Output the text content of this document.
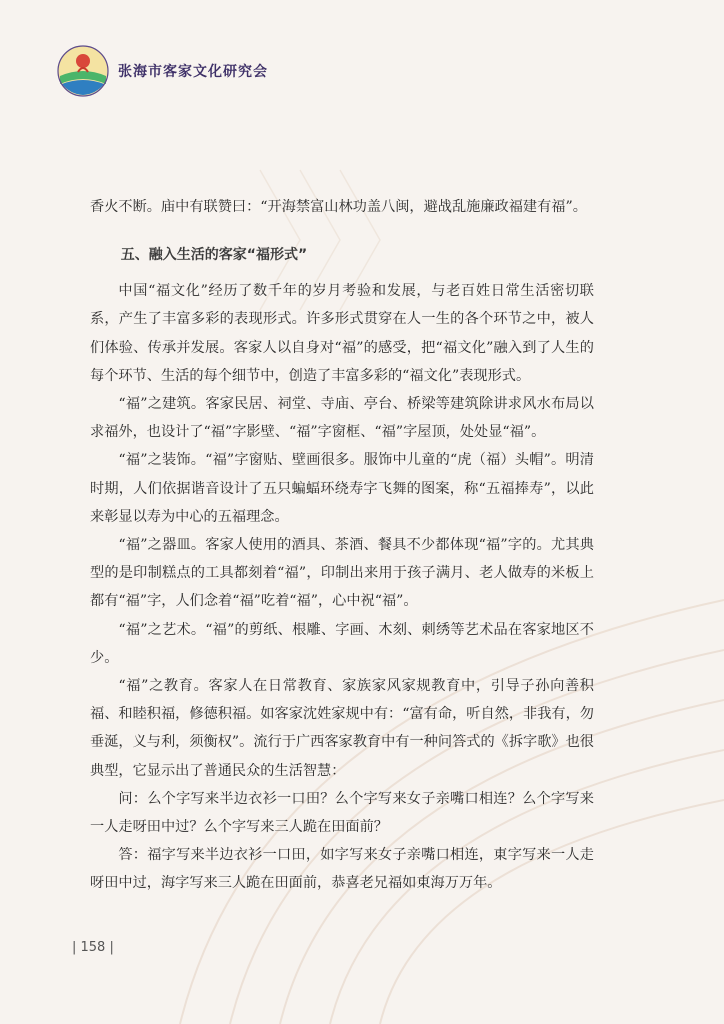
张海市客家文化研究会

香火不断。庙中有联赞曰：“开海禁富山林功盖八闽，避战乱施廉政福建有福”。

五、融入生活的客家“福形式”

中国“福文化”经历了数千年的岁月考验和发展，与老百姓日常生活密切联系，产生了丰富多彩的表现形式。许多形式贯穿在人一生的各个环节之中，被人们体验、传承并发展。客家人以自身对“福”的感受，把“福文化”融入到了人生的每个环节、生活的每个细节中，创造了丰富多彩的“福文化”表现形式。

“福”之建筑。客家民居、祠堂、寺庙、亭台、桥梁等建筑除讲求风水布局以求福外，也设计了“福”字影壁、“福”字窗框、“福”字屋顶，处处显“福”。

“福”之装饰。“福”字窗贴、壁画很多。服饰中儿童的“虎（福）头帽”。明清时期，人们依据谐音设计了五只蝙蝠环绕寿字飞舞的图案，称“五福捧寿”，以此来彰显以寿为中心的五福理念。

“福”之器皿。客家人使用的酒具、茶酒、餐具不少都体现“福”字的。尤其典型的是印制糕点的工具都刻着“福”，印制出来用于孩子满月、老人做寿的米板上都有“福”字，人们念着“福”吃着“福”，心中祝“福”。

“福”之艺术。“福”的剪纸、根雕、字画、木刻、刺绣等艺术品在客家地区不少。

“福”之教育。客家人在日常教育、家族家风家规教育中，引导子孙向善积福、和睦积福，修德积福。如客家沈姓家规中有：“富有命，听自然，非我有，勿垂涎，义与利，须衡权”。流行于广西客家教育中有一种问答式的《拆字歌》也很典型，它显示出了普通民众的生活智慧：

问：么个字写来半边衣衫一口田？么个字写来女子亲嘴口相连？么个字写来一人走呀田中过？么个字写来三人跪在田面前？

答：福字写来半边衣衫一口田，如字写来女子亲嘴口相连，東字写来一人走呀田中过，海字写来三人跪在田面前，恭喜老兄福如東海万万年。

| 158 |
